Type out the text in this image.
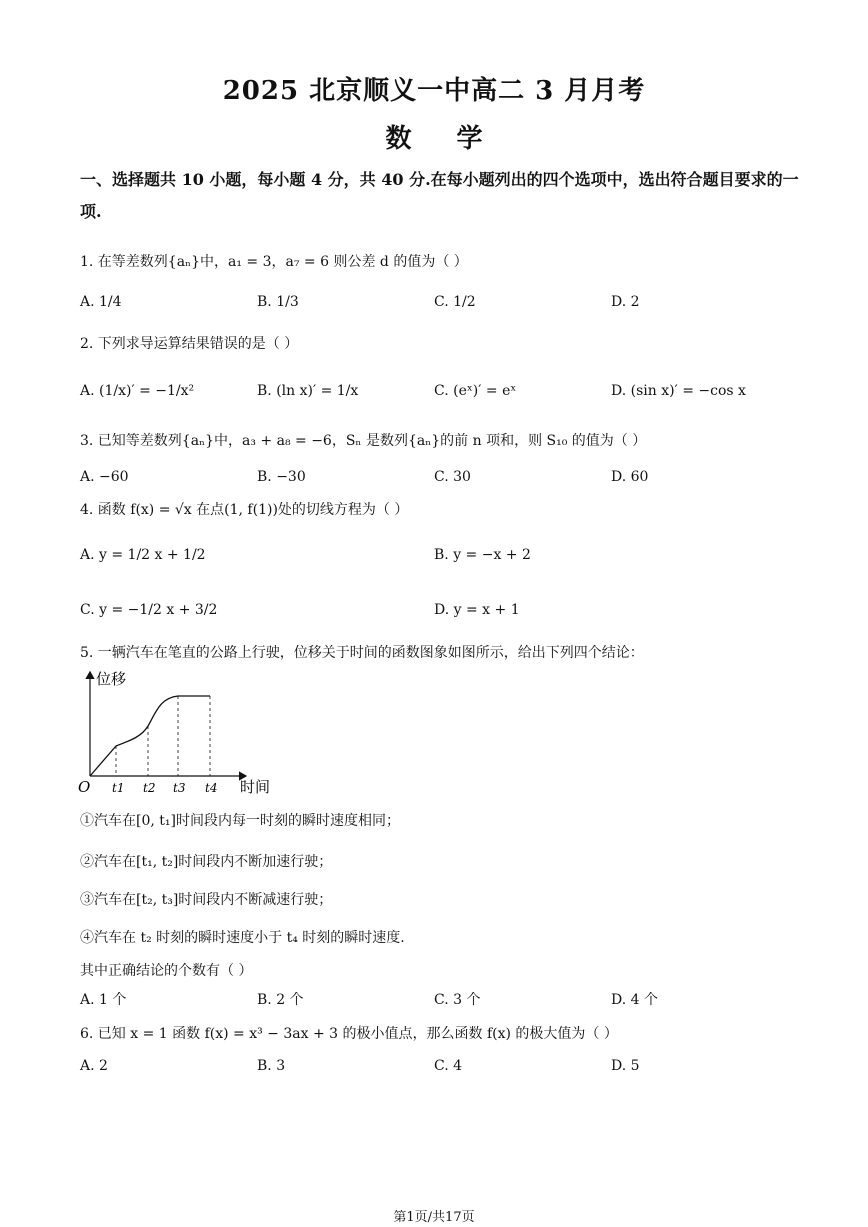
2025 北京顺义一中高二 3 月月考
数 学
一、选择题共 10 小题，每小题 4 分，共 40 分.在每小题列出的四个选项中，选出符合题目要求的一项.
1. 在等差数列{aₙ}中，a₁ = 3，a₇ = 6 则公差 d 的值为（ ）
A. 1/4	B. 1/3	C. 1/2	D. 2
2. 下列求导运算结果错误的是（ ）
A. (1/x)′ = −1/x²	B. (ln x)′ = 1/x	C. (eˣ)′ = eˣ	D. (sin x)′ = −cos x
3. 已知等差数列{aₙ}中，a₃ + a₈ = −6，Sₙ 是数列{aₙ}的前 n 项和，则 S₁₀ 的值为（ ）
A. −60	B. −30	C. 30	D. 60
4. 函数 f(x) = √x 在点(1, f(1))处的切线方程为（ ）
A. y = 1/2 x + 1/2	B. y = −x + 2
C. y = −1/2 x + 3/2	D. y = x + 1
5. 一辆汽车在笔直的公路上行驶，位移关于时间的函数图象如图所示，给出下列四个结论：
位移
时间
O t1 t2 t3 t4
①汽车在[0, t₁]时间段内每一时刻的瞬时速度相同；
②汽车在[t₁, t₂]时间段内不断加速行驶；
③汽车在[t₂, t₃]时间段内不断减速行驶；
④汽车在 t₂ 时刻的瞬时速度小于 t₄ 时刻的瞬时速度.
其中正确结论的个数有（ ）
A. 1 个	B. 2 个	C. 3 个	D. 4 个
6. 已知 x = 1 函数 f(x) = x³ − 3ax + 3 的极小值点，那么函数 f(x) 的极大值为（ ）
A. 2	B. 3	C. 4	D. 5
第1页/共17页
